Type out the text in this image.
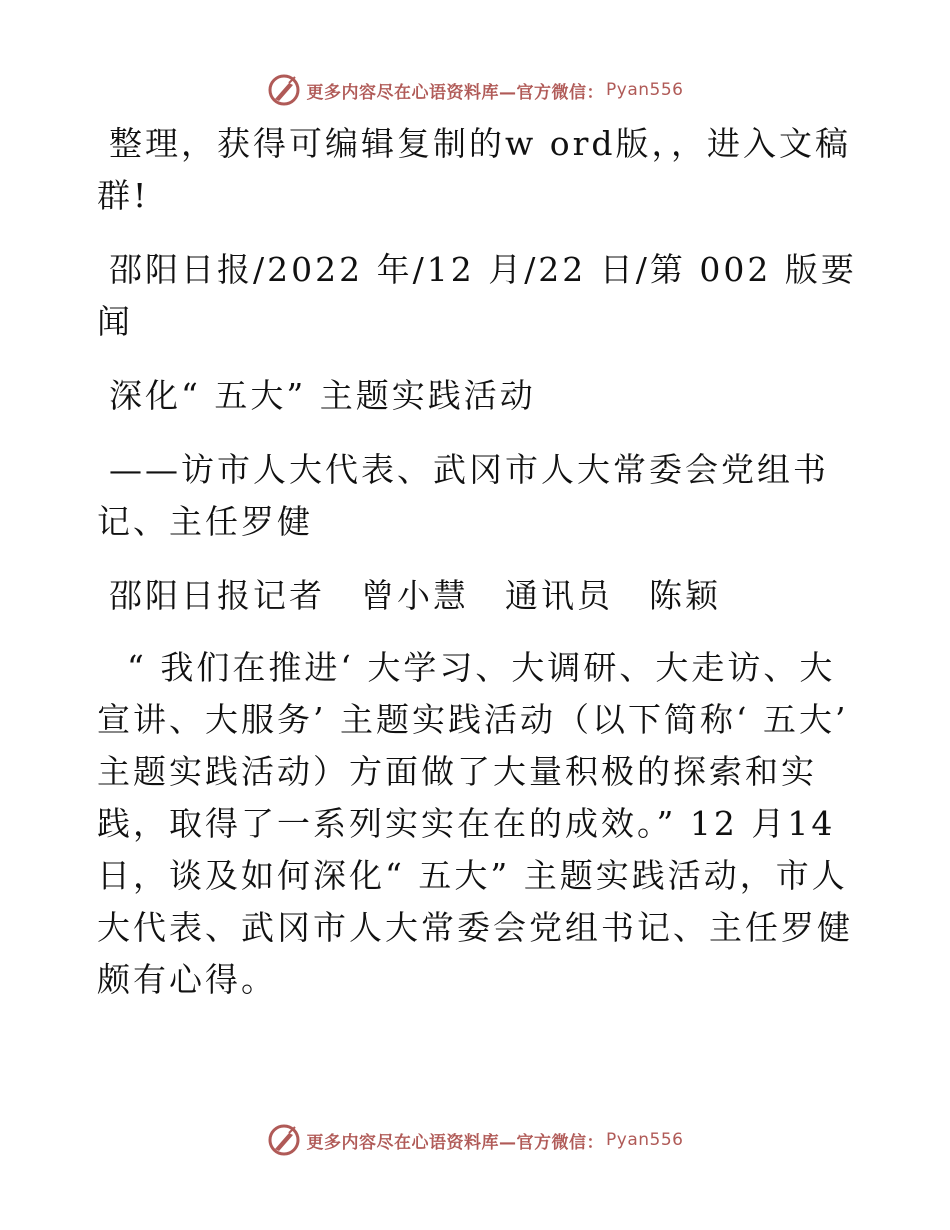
更多内容尽在心语资料库—官方微信： Pyan556

整理，获得可编辑复制的w ord版，，进入文稿群!

邵阳日报/2022 年/12 月/22 日/第 002 版要闻

深化“ 五大” 主题实践活动

——访市人大代表、武冈市人大常委会党组书记、主任罗健

邵阳日报记者　曾小慧　通讯员　陈颖

“ 我们在推进‘ 大学习、大调研、大走访、大宣讲、大服务’ 主题实践活动（以下简称‘ 五大’ 主题实践活动）方面做了大量积极的探索和实践，取得了一系列实实在在的成效。” 12 月14 日，谈及如何深化“ 五大” 主题实践活动，市人大代表、武冈市人大常委会党组书记、主任罗健颇有心得。

更多内容尽在心语资料库—官方微信： Pyan556
